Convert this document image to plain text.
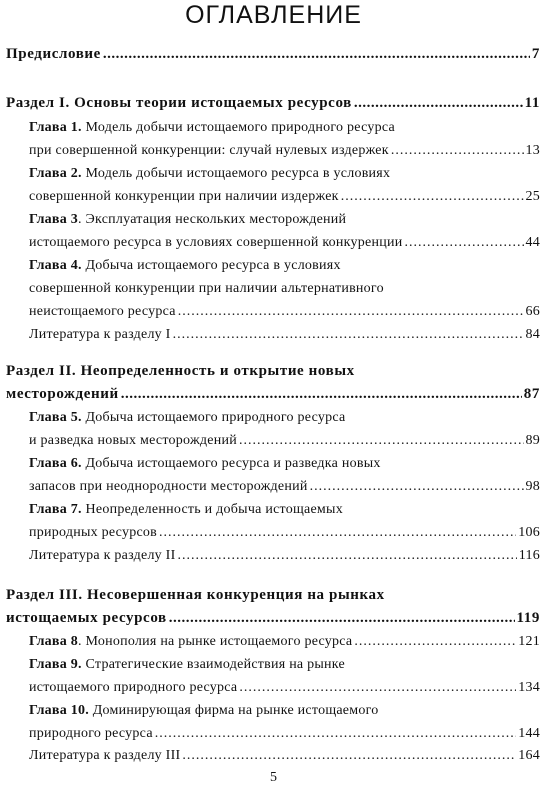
ОГЛАВЛЕНИЕ
Предисловие .....	7
Раздел I. Основы теории истощаемых ресурсов .....	11
Глава 1. Модель добычи истощаемого природного ресурса
при совершенной конкуренции: случай нулевых издержек .....	13
Глава 2. Модель добычи истощаемого ресурса в условиях
совершенной конкуренции при наличии издержек .....	25
Глава 3. Эксплуатация нескольких месторождений
истощаемого ресурса в условиях совершенной конкуренции .....	44
Глава 4. Добыча истощаемого ресурса в условиях
совершенной конкуренции при наличии альтернативного
неистощаемого ресурса .....	66
Литература к разделу I .....	84
Раздел II. Неопределенность и открытие новых
месторождений .....	87
Глава 5. Добыча истощаемого природного ресурса
и разведка новых месторождений .....	89
Глава 6. Добыча истощаемого ресурса и разведка новых
запасов при неоднородности месторождений .....	98
Глава 7. Неопределенность и добыча истощаемых
природных ресурсов .....	106
Литература к разделу II .....	116
Раздел III. Несовершенная конкуренция на рынках
истощаемых ресурсов .....	119
Глава 8 . Монополия на рынке истощаемого ресурса .....	121
Глава 9. Стратегические взаимодействия на рынке
истощаемого природного ресурса .....	134
Глава 10. Доминирующая фирма на рынке истощаемого
природного ресурса .....	144
Литература к разделу III .....	164
5
